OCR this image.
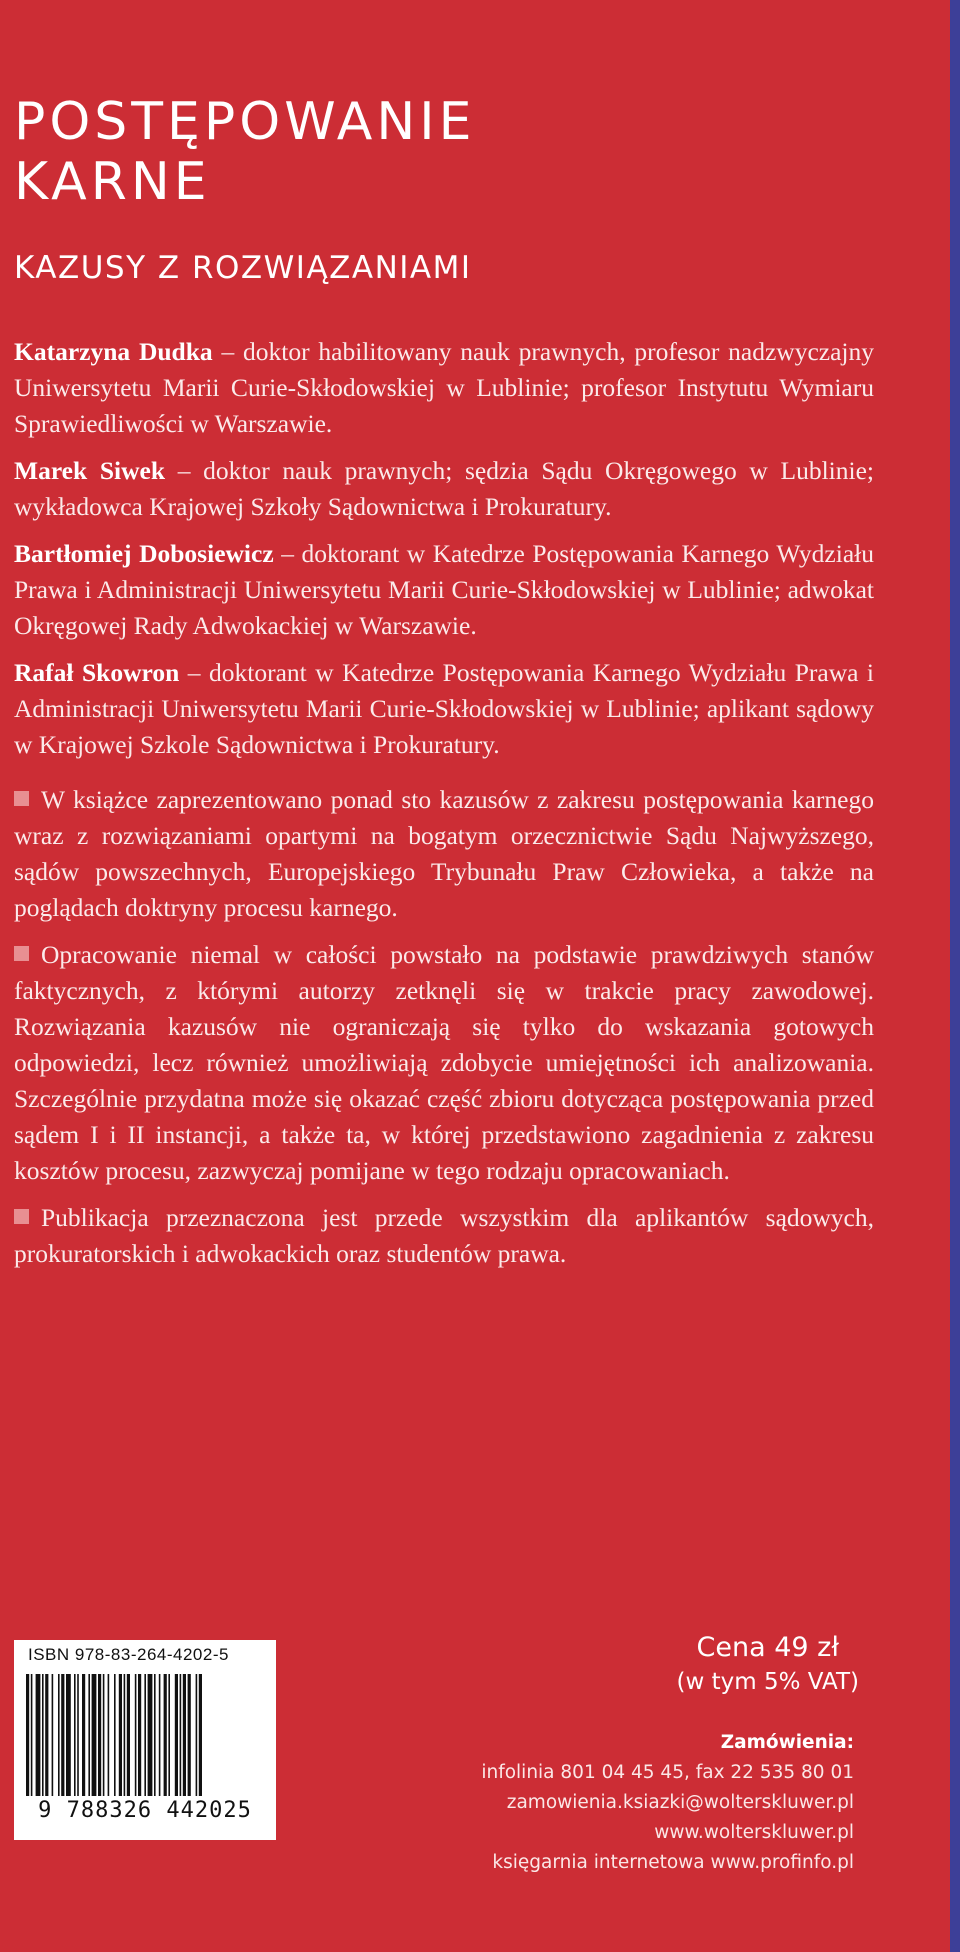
POSTĘPOWANIE
KARNE
KAZUSY Z ROZWIĄZANIAMI

Katarzyna Dudka – doktor habilitowany nauk prawnych, profesor nadzwyczajny Uniwersytetu Marii Curie-Skłodowskiej w Lublinie; profesor Instytutu Wymiaru Sprawiedliwości w Warszawie.

Marek Siwek – doktor nauk prawnych; sędzia Sądu Okręgowego w Lublinie; wykładowca Krajowej Szkoły Sądownictwa i Prokuratury.

Bartłomiej Dobosiewicz – doktorant w Katedrze Postępowania Karnego Wydziału Prawa i Administracji Uniwersytetu Marii Curie-Skłodowskiej w Lublinie; adwokat Okręgowej Rady Adwokackiej w Warszawie.

Rafał Skowron – doktorant w Katedrze Postępowania Karnego Wydziału Prawa i Administracji Uniwersytetu Marii Curie-Skłodowskiej w Lublinie; aplikant sądowy w Krajowej Szkole Sądownictwa i Prokuratury.

W książce zaprezentowano ponad sto kazusów z zakresu postępowania karnego wraz z rozwiązaniami opartymi na bogatym orzecznictwie Sądu Najwyższego, sądów powszechnych, Europejskiego Trybunału Praw Człowieka, a także na poglądach doktryny procesu karnego.

Opracowanie niemal w całości powstało na podstawie prawdziwych stanów faktycznych, z którymi autorzy zetknęli się w trakcie pracy zawodowej. Rozwiązania kazusów nie ograniczają się tylko do wskazania gotowych odpowiedzi, lecz również umożliwiają zdobycie umiejętności ich analizowania. Szczególnie przydatna może się okazać część zbioru dotycząca postępowania przed sądem I i II instancji, a także ta, w której przedstawiono zagadnienia z zakresu kosztów procesu, zazwyczaj pomijane w tego rodzaju opracowaniach.

Publikacja przeznaczona jest przede wszystkim dla aplikantów sądowych, prokuratorskich i adwokackich oraz studentów prawa.

ISBN 978-83-264-4202-5
9 788326 442025
Cena 49 zł
(w tym 5% VAT)
Zamówienia:
infolinia 801 04 45 45, fax 22 535 80 01
zamowienia.ksiazki@wolterskluwer.pl
www.wolterskluwer.pl
księgarnia internetowa www.profinfo.pl
